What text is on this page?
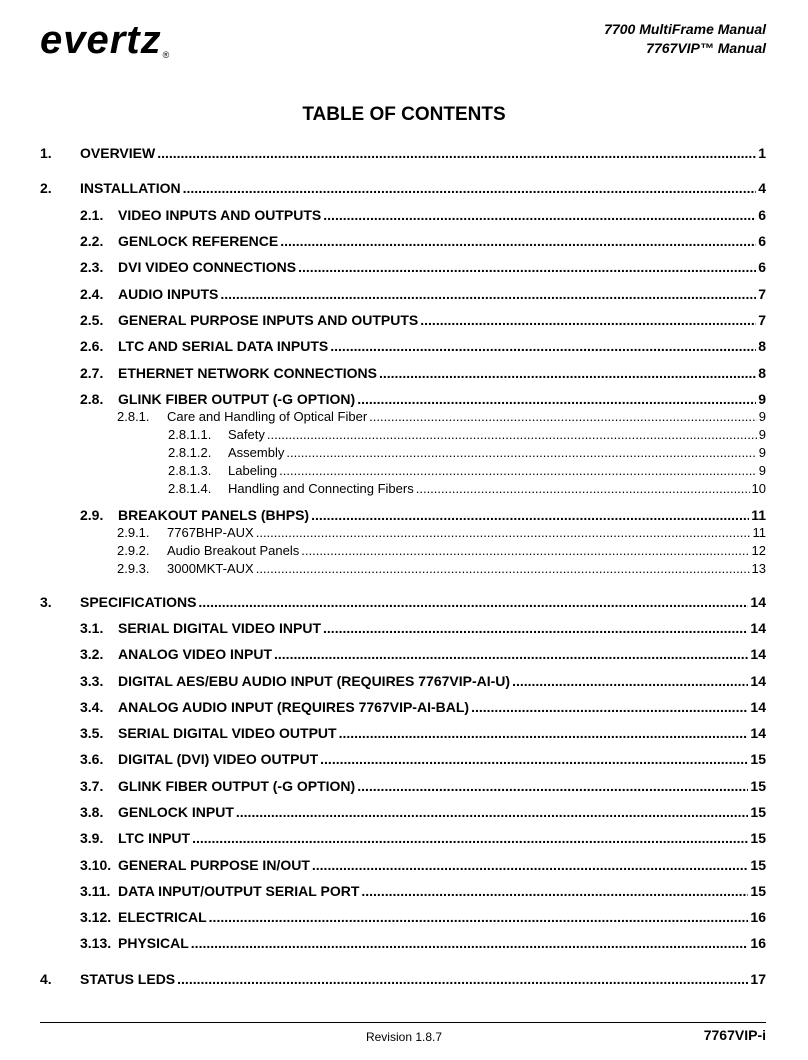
evertz®
7700 MultiFrame Manual
7767VIP™ Manual
TABLE OF CONTENTS
1.	OVERVIEW .....	1
2.	INSTALLATION .....	4
2.1.	VIDEO INPUTS AND OUTPUTS .....	6
2.2.	GENLOCK REFERENCE .....	6
2.3.	DVI VIDEO CONNECTIONS .....	6
2.4.	AUDIO INPUTS .....	7
2.5.	GENERAL PURPOSE INPUTS AND OUTPUTS .....	7
2.6.	LTC AND SERIAL DATA INPUTS .....	8
2.7.	ETHERNET NETWORK CONNECTIONS .....	8
2.8.	GLINK FIBER OUTPUT (-G OPTION) .....	9
2.8.1.	Care and Handling of Optical Fiber .....	9
2.8.1.1.	Safety .....	9
2.8.1.2.	Assembly .....	9
2.8.1.3.	Labeling .....	9
2.8.1.4.	Handling and Connecting Fibers .....	10
2.9.	BREAKOUT PANELS (BHPS) .....	11
2.9.1.	7767BHP-AUX .....	11
2.9.2.	Audio Breakout Panels .....	12
2.9.3.	3000MKT-AUX .....	13
3.	SPECIFICATIONS .....	14
3.1.	SERIAL DIGITAL VIDEO INPUT .....	14
3.2.	ANALOG VIDEO INPUT .....	14
3.3.	DIGITAL AES/EBU AUDIO INPUT (REQUIRES 7767VIP-AI-U) .....	14
3.4.	ANALOG AUDIO INPUT (REQUIRES 7767VIP-AI-BAL) .....	14
3.5.	SERIAL DIGITAL VIDEO OUTPUT .....	14
3.6.	DIGITAL (DVI) VIDEO OUTPUT .....	15
3.7.	GLINK FIBER OUTPUT (-G OPTION) .....	15
3.8.	GENLOCK INPUT .....	15
3.9.	LTC INPUT .....	15
3.10. GENERAL PURPOSE IN/OUT .....	15
3.11. DATA INPUT/OUTPUT SERIAL PORT .....	15
3.12. ELECTRICAL .....	16
3.13. PHYSICAL .....	16
4.	STATUS LEDS .....	17
Revision 1.8.7	7767VIP-i
